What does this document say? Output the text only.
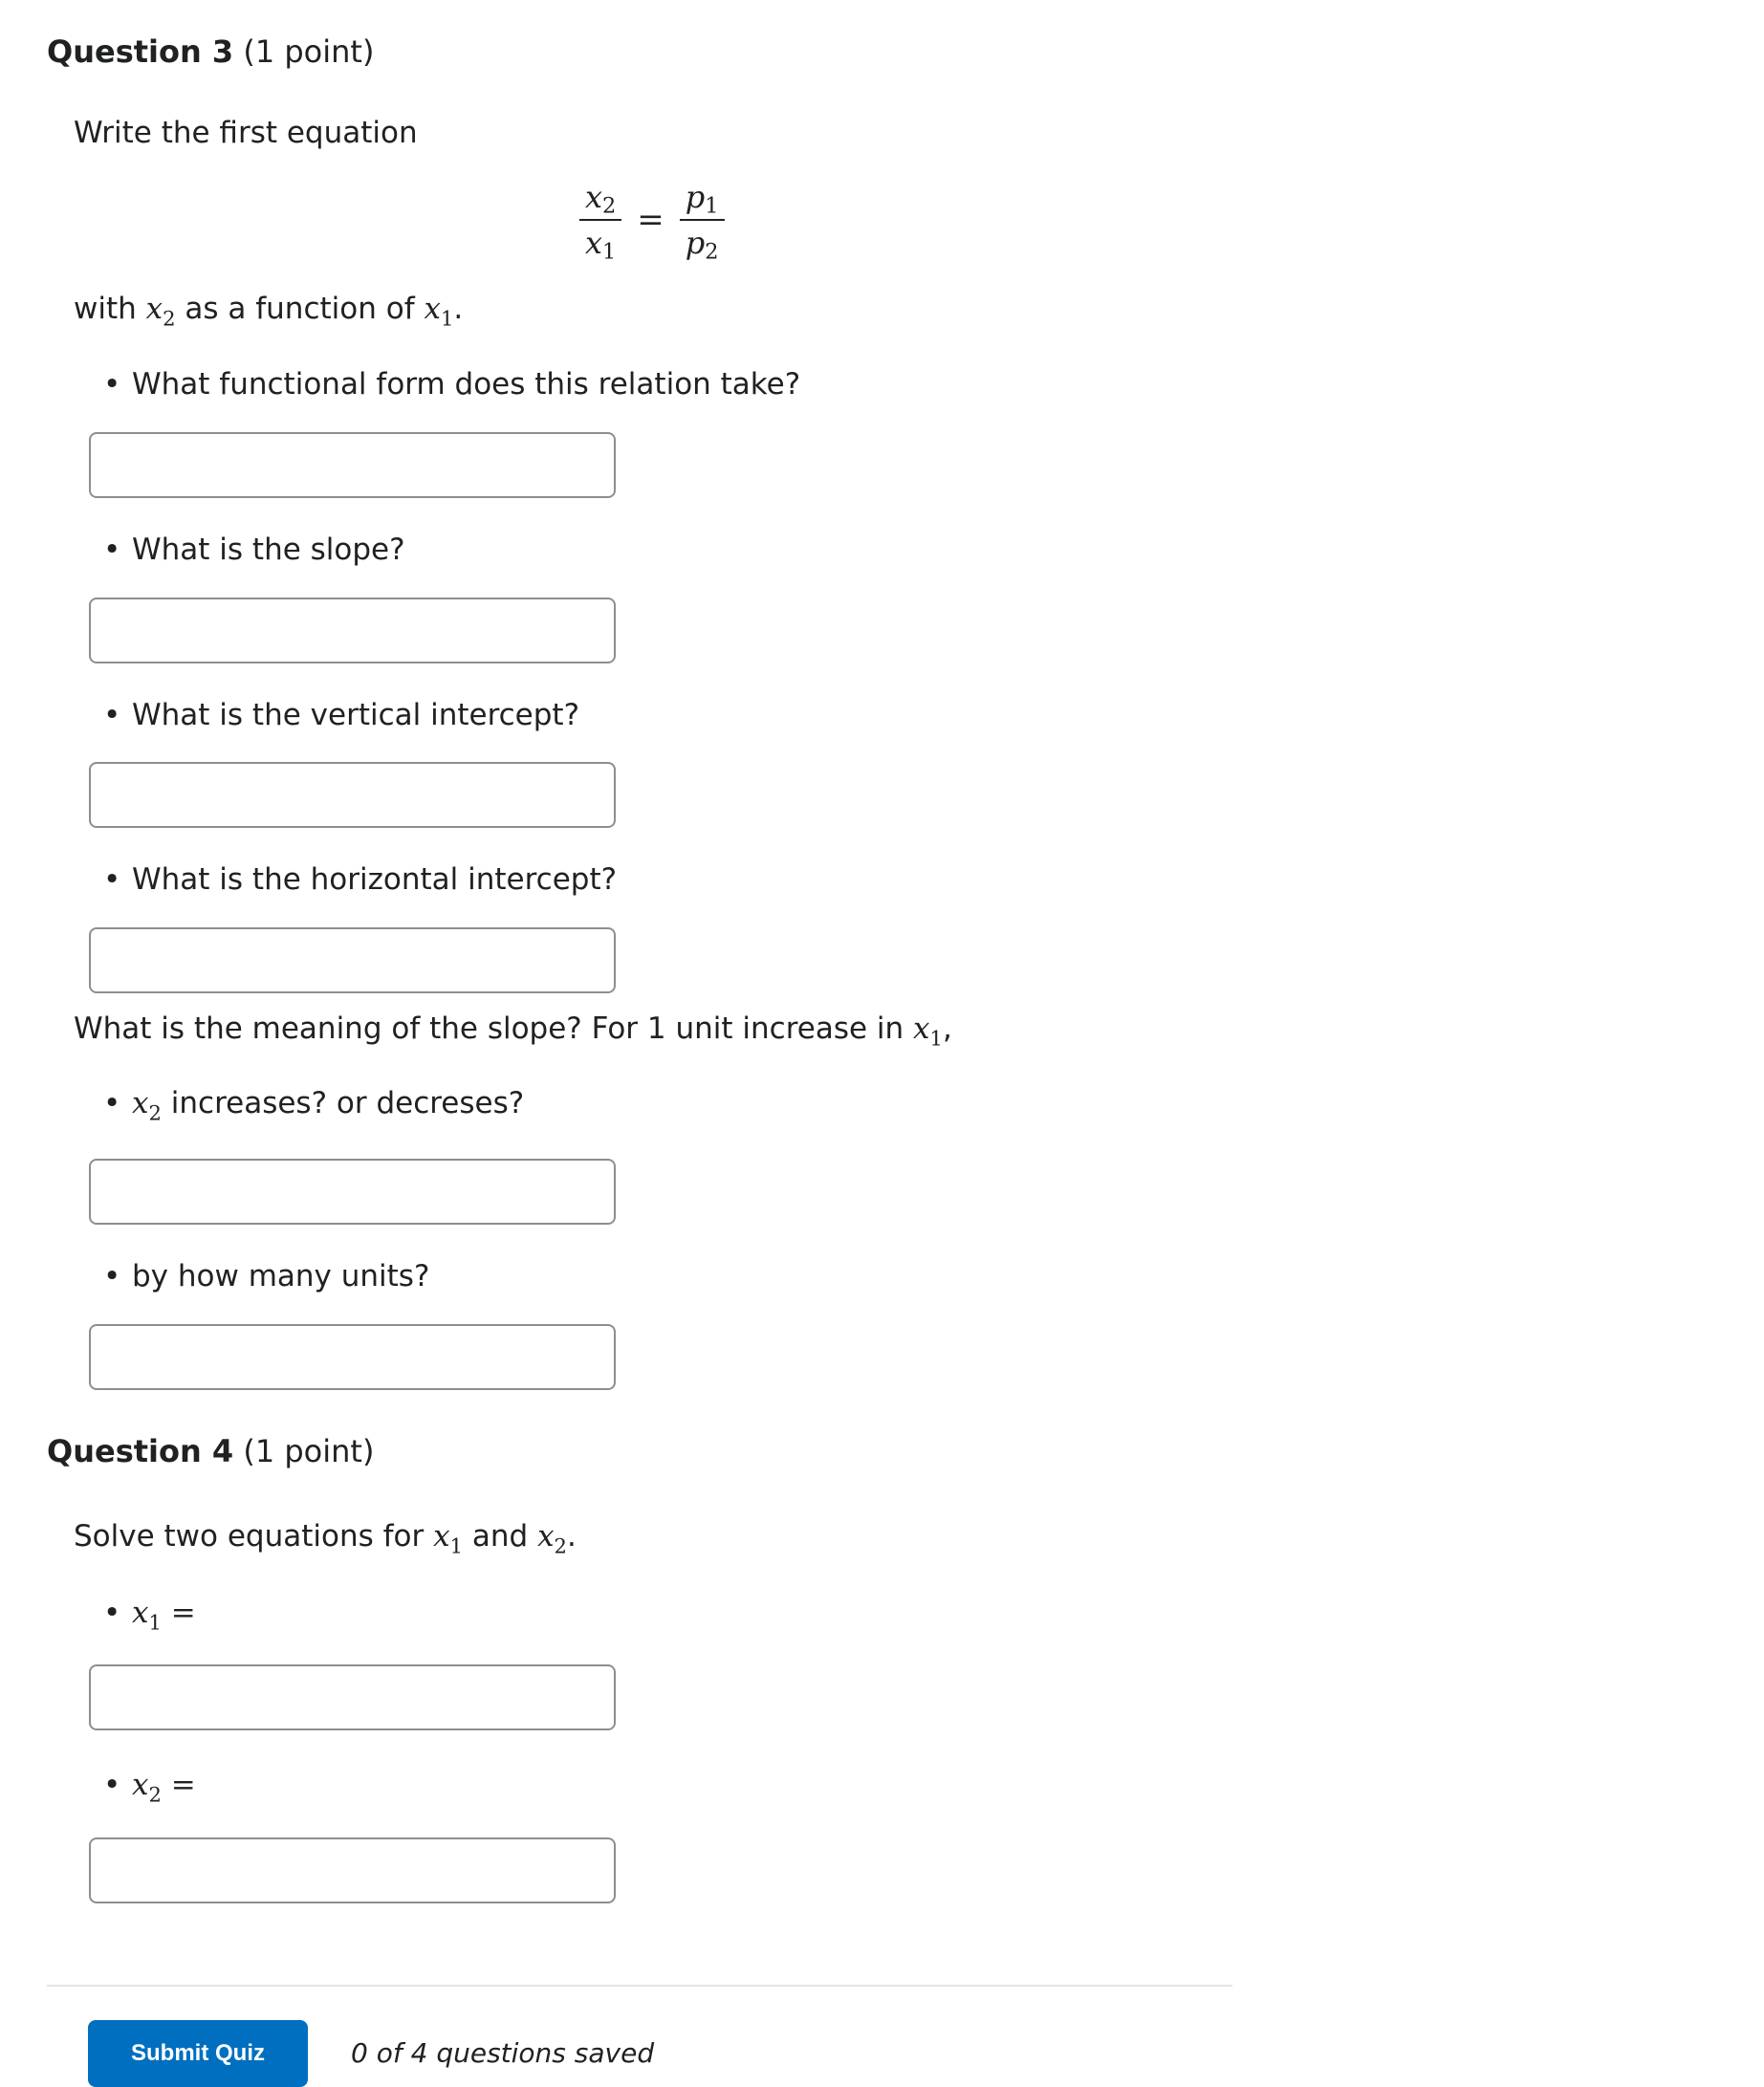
Question 3 (1 point)
Write the first equation
$\frac{x_2}{x_1} = \frac{p_1}{p_2}$
with $x_2$ as a function of $x_1$.
• What functional form does this relation take?
• What is the slope?
• What is the vertical intercept?
• What is the horizontal intercept?
What is the meaning of the slope? For 1 unit increase in $x_1$,
• $x_2$ increases? or decreses?
• by how many units?
Question 4 (1 point)
Solve two equations for $x_1$ and $x_2$.
• $x_1$ =
• $x_2$ =
Submit Quiz	0 of 4 questions saved
